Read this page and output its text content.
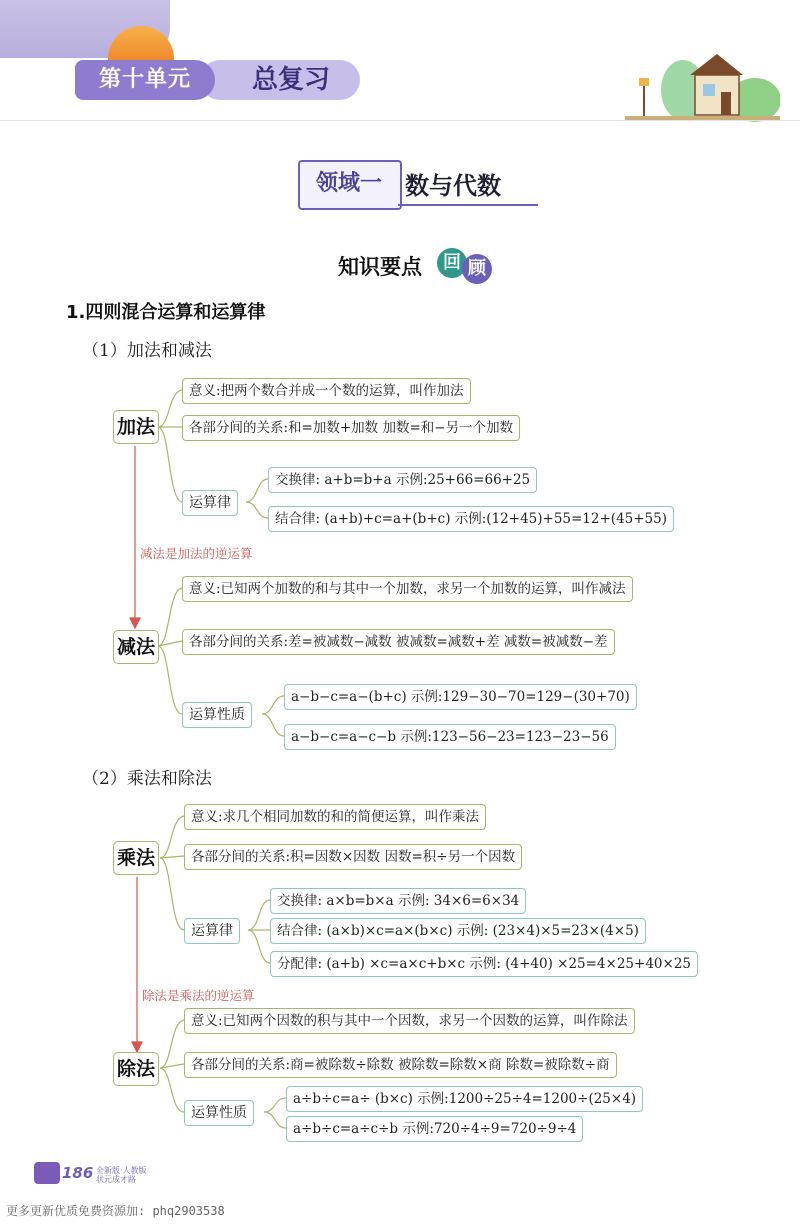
第十单元	总复习
领域一 数与代数
知识要点	回 顾
1.四则混合运算和运算律
（1）加法和减法
（2）乘法和除法
加法
意义:把两个数合并成一个数的运算，叫作加法
各部分间的关系:和=加数+加数 加数=和−另一个加数
运算律
交换律: a+b=b+a 示例:25+66=66+25
结合律: (a+b)+c=a+(b+c) 示例:(12+45)+55=12+(45+55)
减法是加法的逆运算
减法
意义:已知两个加数的和与其中一个加数，求另一个加数的运算，叫作减法
各部分间的关系:差=被减数−减数 被减数=减数+差 减数=被减数−差
运算性质
a−b−c=a−(b+c) 示例:129−30−70=129−(30+70)
a−b−c=a−c−b 示例:123−56−23=123−23−56
乘法
意义:求几个相同加数的和的简便运算，叫作乘法
各部分间的关系:积=因数×因数 因数=积÷另一个因数
运算律
交换律: a×b=b×a 示例: 34×6=6×34
结合律: (a×b)×c=a×(b×c) 示例: (23×4)×5=23×(4×5)
分配律: (a+b) ×c=a×c+b×c 示例: (4+40) ×25=4×25+40×25
除法是乘法的逆运算
除法
意义:已知两个因数的积与其中一个因数，求另一个因数的运算，叫作除法
各部分间的关系:商=被除数÷除数 被除数=除数×商 除数=被除数÷商
运算性质
a÷b÷c=a÷ (b×c) 示例:1200÷25÷4=1200÷(25×4)
a÷b÷c=a÷c÷b 示例:720÷4÷9=720÷9÷4
186 全新版·人教版
状元成才路
更多更新优质免费资源加: phq2903538
